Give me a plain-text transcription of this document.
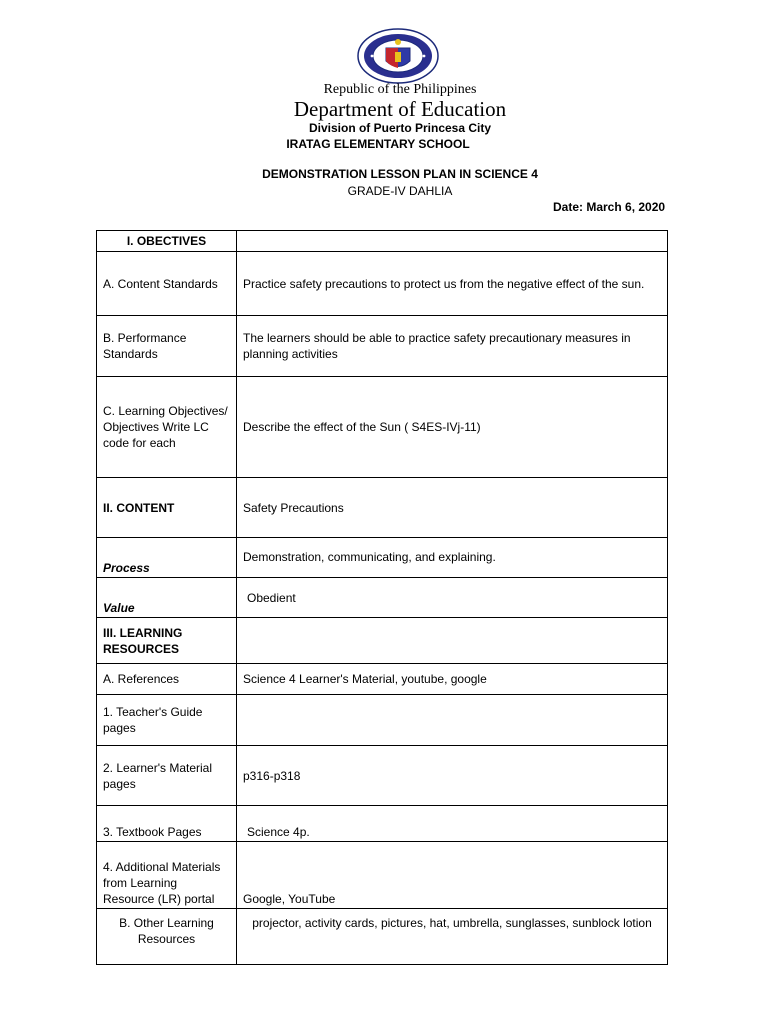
Republic of the Philippines
Department of Education
Division of Puerto Princesa City
IRATAG ELEMENTARY SCHOOL
DEMONSTRATION LESSON PLAN IN SCIENCE 4
GRADE-IV DAHLIA
Date: March 6, 2020
I. OBECTIVES	
A. Content Standards	Practice safety precautions to protect us from the negative effect of the sun.
B. Performance Standards	The learners should be able to practice safety precautionary measures in planning activities
C. Learning Objectives/ Objectives Write LC code for each	Describe the effect of the Sun ( S4ES-IVj-11)
II. CONTENT	Safety Precautions
Process	Demonstration, communicating, and explaining.
Value	Obedient
III. LEARNING RESOURCES	
A. References	Science 4 Learner's Material, youtube, google
1. Teacher's Guide pages	
2. Learner's Material pages	p316-p318
3. Textbook Pages	Science 4p.
4. Additional Materials from Learning Resource (LR) portal	Google, YouTube
B. Other Learning Resources	projector, activity cards, pictures, hat, umbrella, sunglasses, sunblock lotion
